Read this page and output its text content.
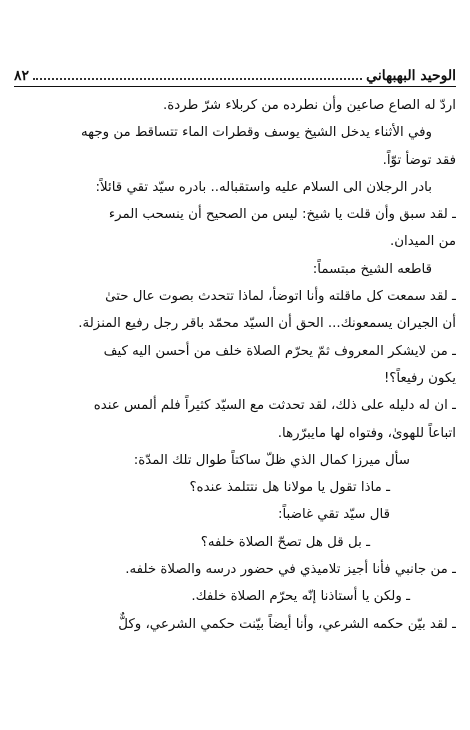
٨٢	الوحيد البهبهاني
اردّ له الصاع صاعين وأن نطرده من كربلاء شرّ طردة.
وفي الأثناء يدخل الشيخ يوسف وقطرات الماء تتساقط من وجهه
فقد توضأ توّاً.
بادر الرجلان الى السلام عليه واستقباله.. بادره سيّد تقي قائلاً:
ـ لقد سبق وأن قلت يا شيخ: ليس من الصحيح أن ينسحب المرء
من الميدان.
قاطعه الشيخ مبتسماً:
ـ لقد سمعت كل ماقلته وأنا اتوضأ، لماذا تتحدث بصوت عال حتىٰ
أن الجيران يسمعونك... الحق أن السيّد محمّد باقر رجل رفيع المنزلة.
ـ من لايشكر المعروف ثمّ يحرّم الصلاة خلف من أحسن اليه كيف
يكون رفيعاً؟!
ـ ان له دليله على ذلك، لقد تحدثت مع السيّد كثيراً فلم ألمس عنده
اتباعاً للهوىٰ، وفتواه لها مايبرّرها.
سأل ميرزا كمال الذي ظلّ ساكتاً طوال تلك المدّة:
ـ ماذا تقول يا مولانا هل نتتلمذ عنده؟
قال سيّد تقي غاضباً:
ـ بل قل هل تصحّ الصلاة خلفه؟
ـ من جانبي فأنا أجيز تلاميذي في حضور درسه والصلاة خلفه.
ـ ولكن يا أستاذنا إنّه يحرّم الصلاة خلفك.
ـ لقد بيّن حكمه الشرعي، وأنا أيضاً بيّنت حكمي الشرعي، وكلٌّ
